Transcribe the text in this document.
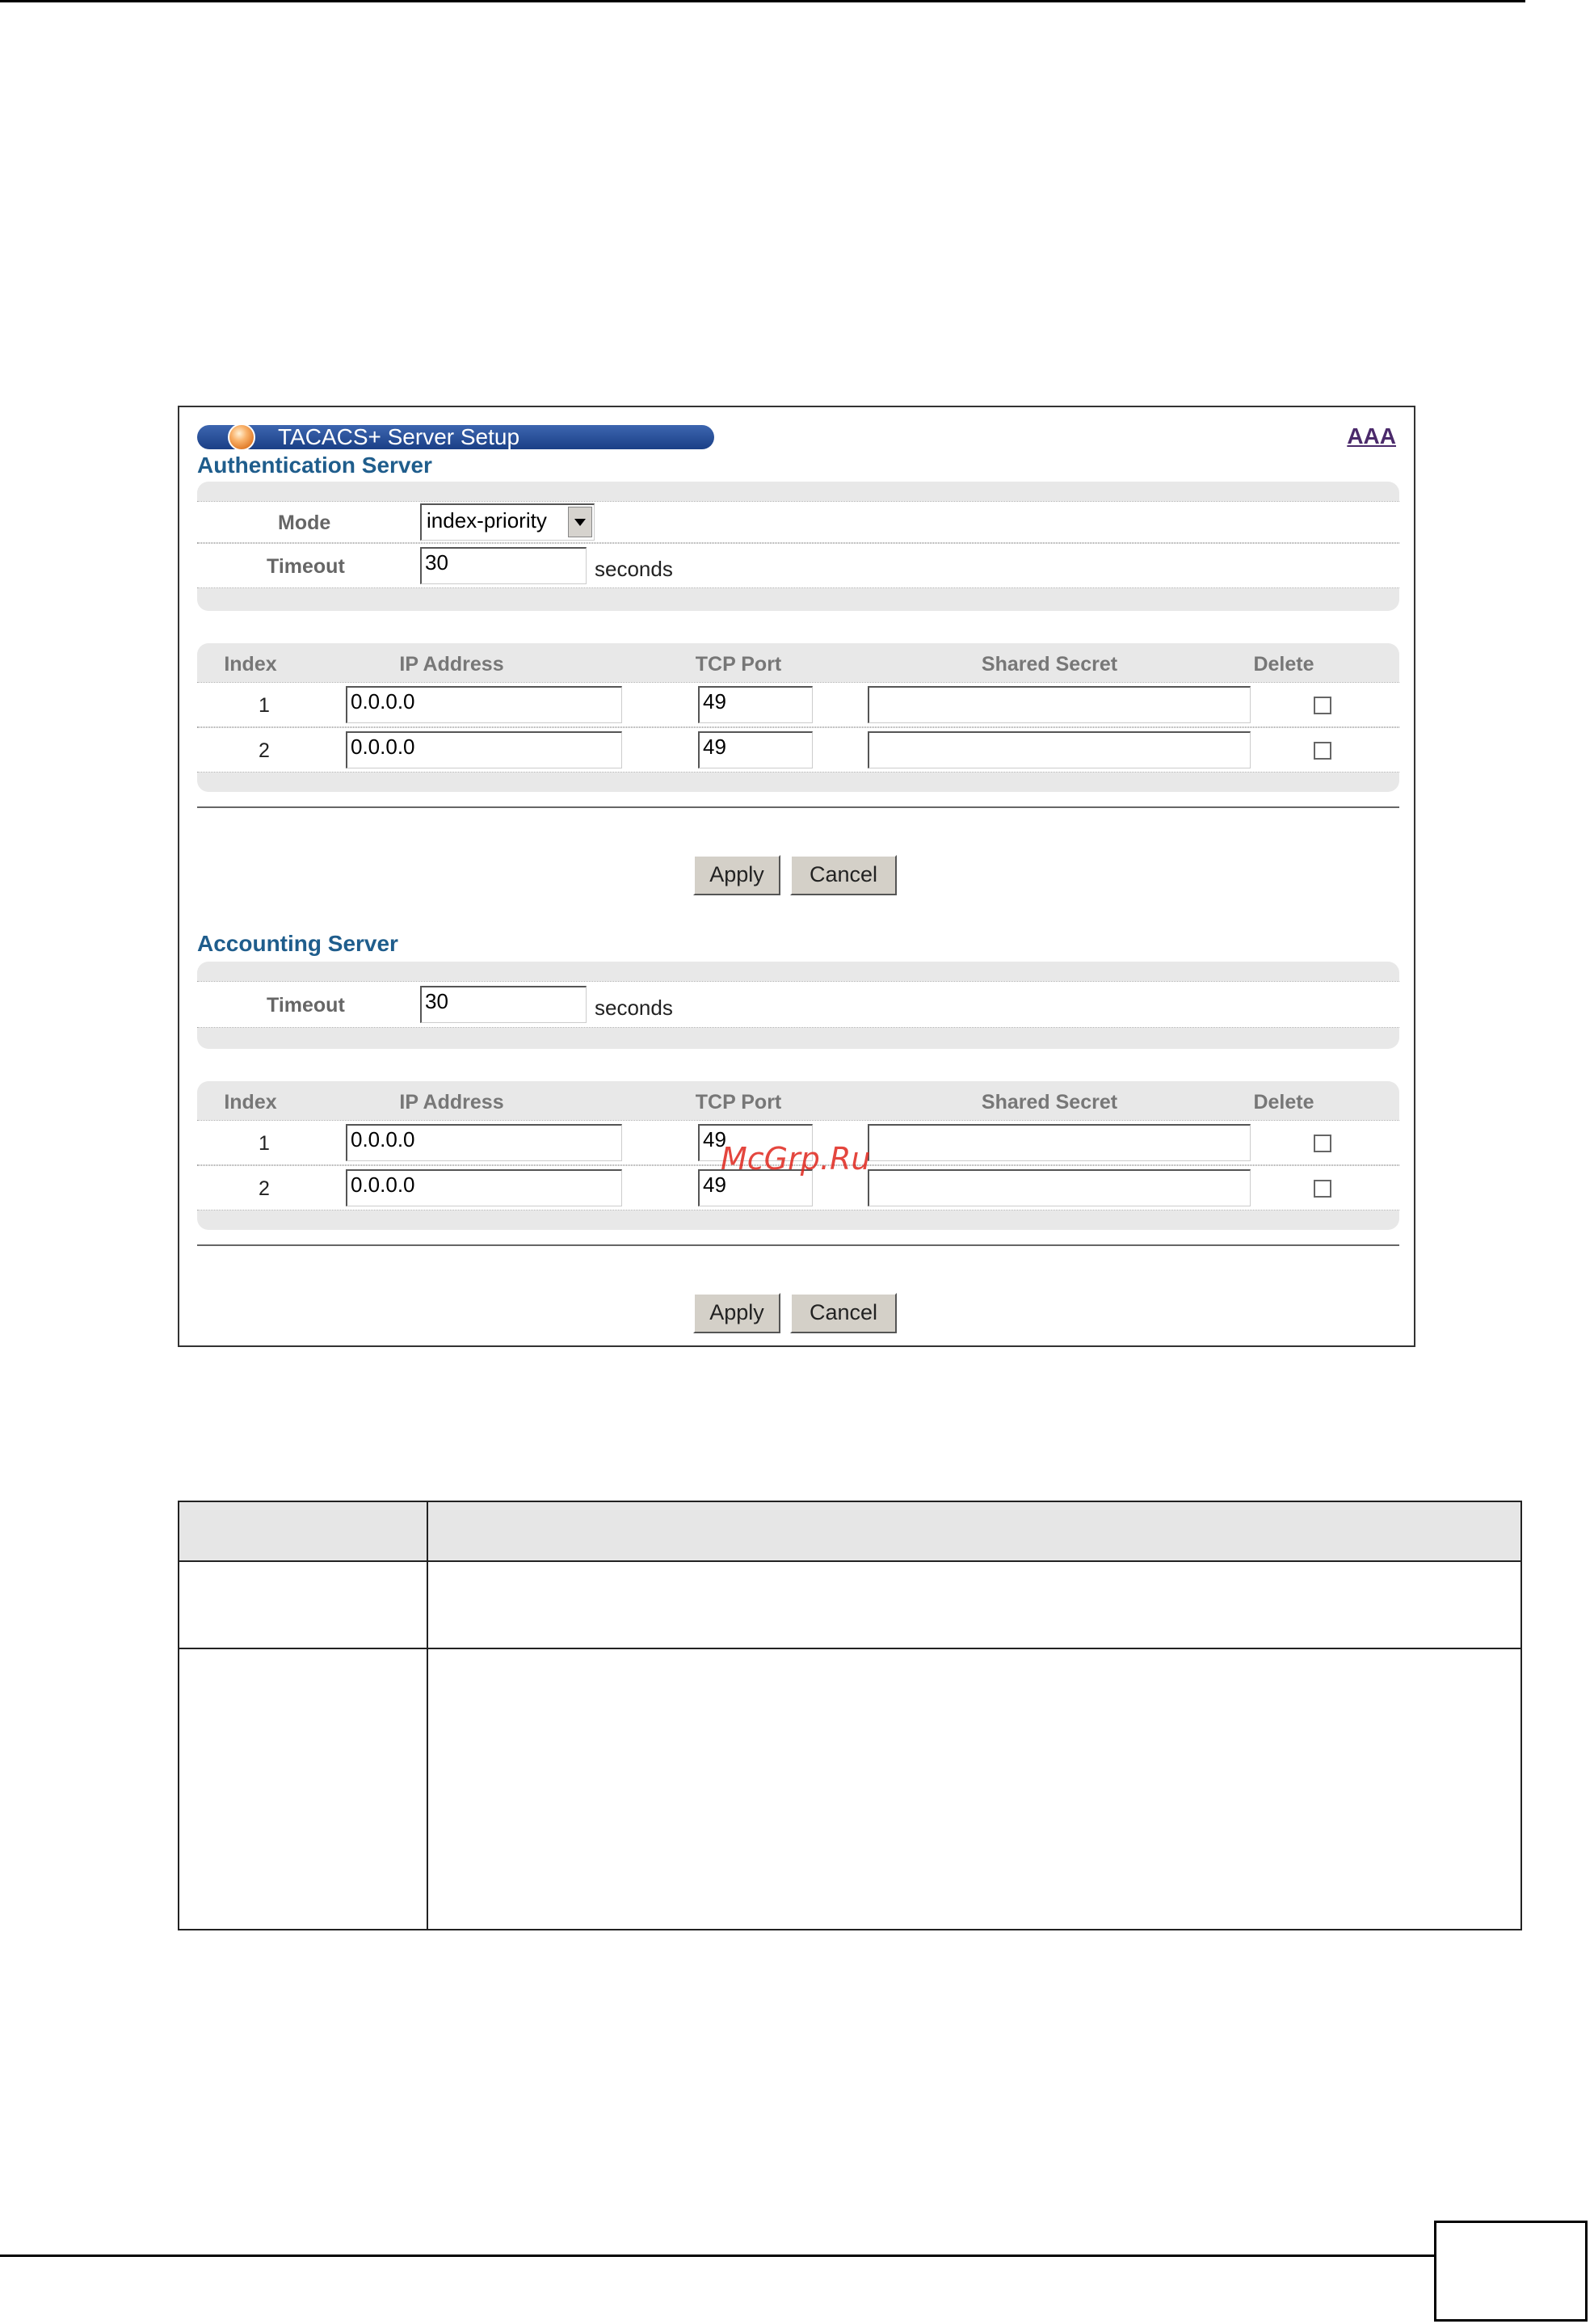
TACACS+ Server Setup	AAA
Authentication Server
Mode	index-priority
Timeout	30	seconds
Index	IP Address	TCP Port	Shared Secret	Delete
1	0.0.0.0	49
2	0.0.0.0	49
Apply	Cancel
Accounting Server
Timeout	30	seconds
Index	IP Address	TCP Port	Shared Secret	Delete
1	0.0.0.0	49
2	0.0.0.0	49
Apply	Cancel
McGrp.Ru
